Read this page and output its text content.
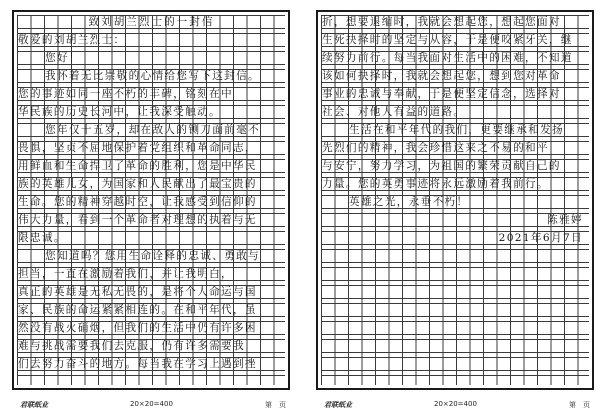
致刘胡兰烈士的一封信
敬爱的刘胡兰烈士：
您好！
我怀着无比崇敬的心情给您写下这封信。
您的事迹如同一座不朽的丰碑，铭刻在中
华民族的历史长河中，让我深受触动。
您年仅十五岁，却在敌人的铡刀面前毫不
畏惧，坚贞不屈地保护着党组织和革命同志，
用鲜血和生命捍卫了革命的胜利，您是中华民
族的英雄儿女，为国家和人民献出了最宝贵的
生命。您的精神穿越时空，让我感受到信仰的
伟大力量，看到一个革命者对理想的执着与无
限忠诚。
您知道吗？您用生命诠释的忠诚、勇敢与
担当，一直在激励着我们，并让我明白，
真正的英雄是无私无畏的，是将个人命运与国
家、民族的命运紧紧相连的。在和平年代，虽
然没有战火硝烟，但我们的生活中仍有许多困
难与挑战需要我们去克服，仍有许多需要我
们去努力奋斗的地方。每当我在学习上遇到挫
折，想要退缩时，我就会想起您，想起您面对
生死抉择时的坚定与从容，于是便咬紧牙关，继
续努力前行。每当我面对生活中的困难，不知道
该如何抉择时，我就会想起您，想到您对革命
事业的忠诚与奉献，于是便坚定信念，选择对
社会、对他人有益的道路。
生活在和平年代的我们，更要继承和发扬
先烈们的精神，我会珍惜这来之不易的和平
与安宁，努力学习，为祖国的繁荣贡献自己的
力量。您的英勇事迹将永远激励着我前行。
英雄之光，永垂不朽！
陈雅婷
2021年6月7日
君联纸业	20×20=400	第　页	君联纸业	20×20=400	第　页
